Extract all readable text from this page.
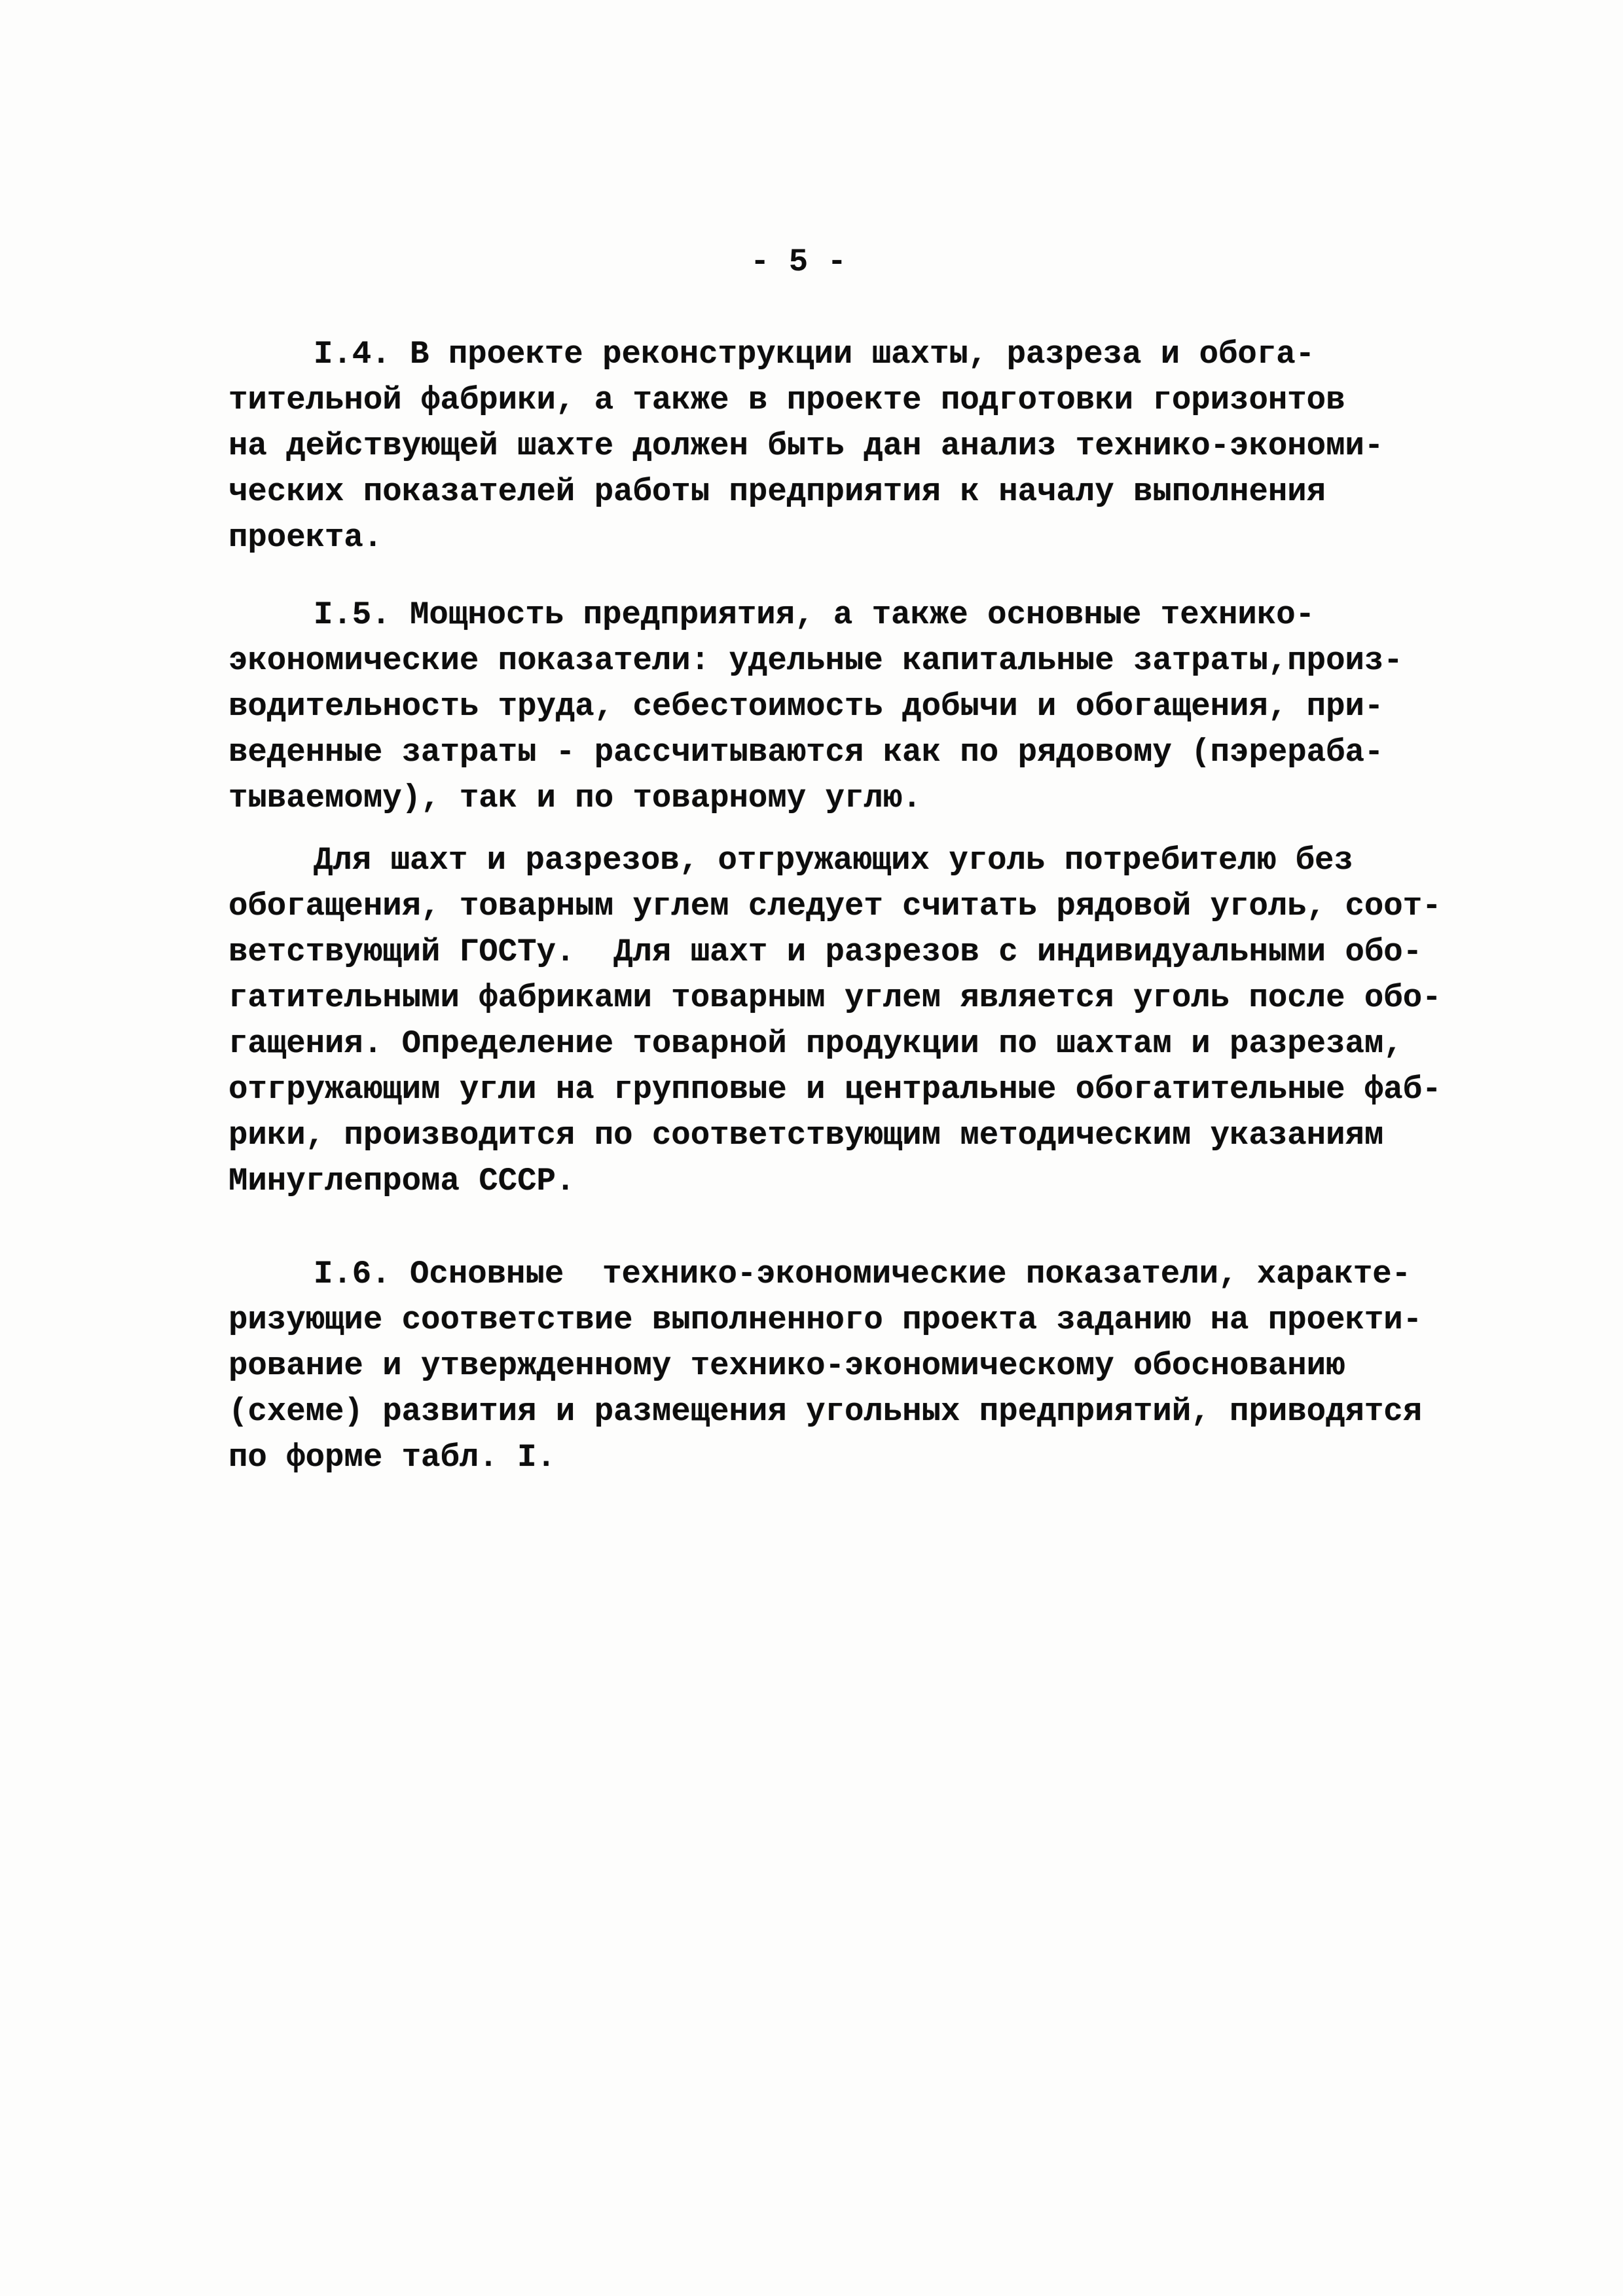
- 5 -
I.4. В проекте реконструкции шахты, разреза и обога-
тительной фабрики, а также в проекте подготовки горизонтов
на действующей шахте должен быть дан анализ технико-экономи-
ческих показателей работы предприятия к началу выполнения
проекта.
I.5. Мощность предприятия, а также основные технико-
экономические показатели: удельные капитальные затраты,произ-
водительность труда, себестоимость добычи и обогащения, при-
веденные затраты - рассчитываются как по рядовому (пэрераба-
тываемому), так и по товарному углю.
Для шахт и разрезов, отгружающих уголь потребителю без
обогащения, товарным углем следует считать рядовой уголь, соот-
ветствующий ГОСТу.  Для шахт и разрезов с индивидуальными обо-
гатительными фабриками товарным углем является уголь после обо-
гащения. Определение товарной продукции по шахтам и разрезам,
отгружающим угли на групповые и центральные обогатительные фаб-
рики, производится по соответствующим методическим указаниям
Минуглепрома СССР.
I.6. Основные  технико-экономические показатели, характе-
ризующие соответствие выполненного проекта заданию на проекти-
рование и утвержденному технико-экономическому обоснованию
(схеме) развития и размещения угольных предприятий, приводятся
по форме табл. I.
